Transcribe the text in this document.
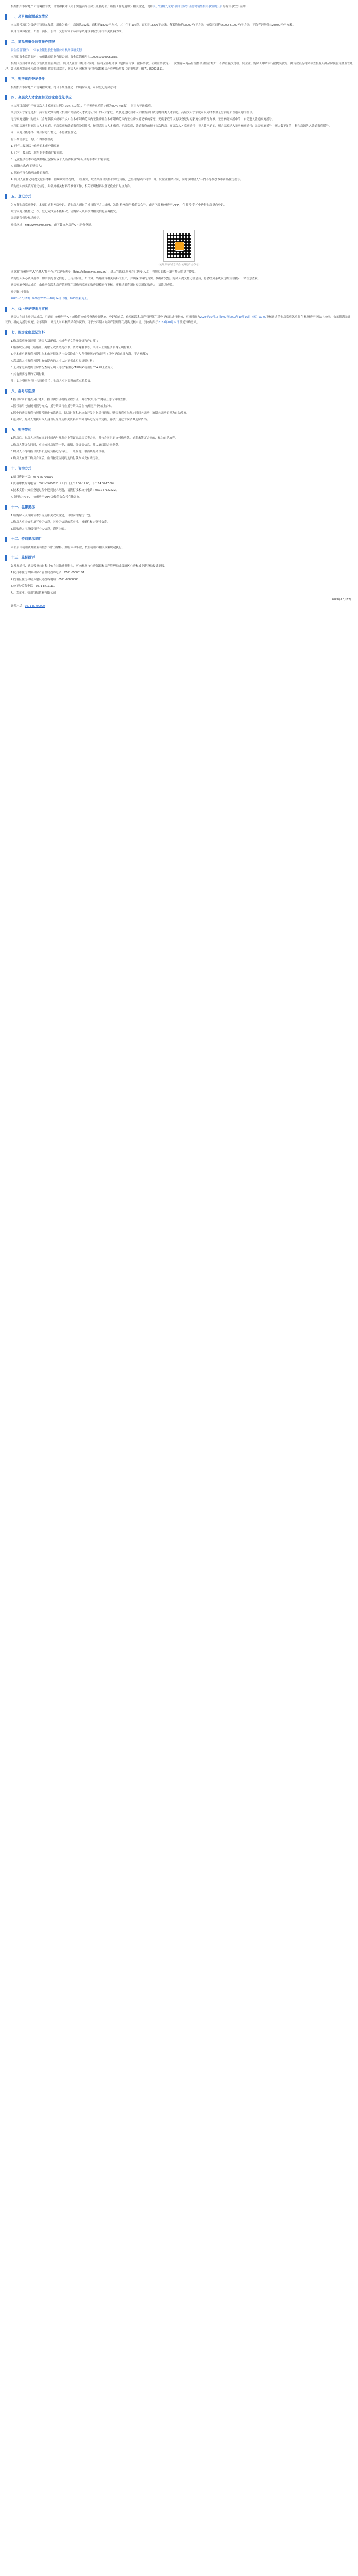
根据杭州市房地产市场调控的统一部署和我市《关于实施商品住房公证摇号公开销售工作的通知》相关规定，现将关于“钱塘九龙苑”项目住房公证摇号销售相关事宜的公告的有关事宜公告如下：

一、项目和房源基本情况

本次摇号项目为钱塘区钱塘九龙苑，用途为住宅，房源共192套，面积约18200平方米，其中住宅192套，面积约18200平方米。备案均价约28000元/平方米，价格区间约26000-31000元/平方米，平均毛坯均价约28000元/平方米。

项目的具体位置、户型、面积、价格、交付时间和标准等以建设单位公布的相关资料为准。

二、商品房资金监管账户情况

资金监管银行：中国农业银行股份有限公司杭州钱塘支行

本项目资金监管账户：杭州钱塘置业有限公司，资金监管账号为19020101040059887。

根据《杭州市商品房预售资金监管办法》，购房人在签订购房合同时，应将全部购房款（包括首付款、按揭贷款、公积金贷款等）一次性存入商品房预售资金监管账户，不得直接交付给开发企业。购房人申请银行按揭贷款的，由贷款银行将贷款直接存入商品房预售资金监管账户。如出现开发企业未经许可擅自收取购房款的，购房人可向杭州市住房保障和房产管理局举报（举报电话：0571-85000151）。

三、购房意向登记条件

根据杭州市房地产市场调控政策，符合下列条件之一的购房家庭，可以登记购房意向：

四、高层次人才家庭和无房家庭优先供应

本次项目房源用于高层次人才家庭的比例为10%（19套），用于无房家庭的比例为50%（96套），其余为普通家庭。

高层次人才家庭是指：持有有效期内的《杭州市高层次人才认定证书》的人才家庭，以及通过杭州市人才服务部门认定的各类人才家庭。高层次人才家庭可以同时参加无房家庭和普通家庭的摇号。

无房家庭是指：购房人（含配偶及未成年子女）在本市限购范围内无住房且在本市限购范围内无住房交易记录的家庭。无房家庭的认定以登记时的家庭住房情况为准。无房家庭未摇中的，自动进入普通家庭摇号。

本项目房源实行高层次人才家庭、无房家庭和普通家庭分别摇号，按照高层次人才家庭、无房家庭、普通家庭的顺序依次选房。高层次人才家庭摇号中签人数不足的，剩余房源纳入无房家庭摇号；无房家庭摇号中签人数不足的，剩余房源纳入普通家庭摇号。

同一家庭只能选择一种身份进行登记，不得重复登记。

有下列情形之一的，不得参加摇号：

1. 已有二套及以上住房的本市户籍家庭；

2. 已有一套及以上住房的非本市户籍家庭；

3. 无法提供在本市连续缴纳社会保险或个人所得税满2年证明的非本市户籍家庭；

4. 离婚未满2年的购房人；

5. 其他不符合购房条件的家庭。

A. 购房人在登记时提交虚假材料、隐瞒真实情况的，一经查实，取消其摇号资格和购房资格，已签订购房合同的，由开发企业解除合同，同时该购房人3年内不得参加本市商品住房摇号。

请购房人如实填写登记信息，并做好相关材料的准备工作，相关证明材料以登记截止日时点为准。

五、登记方式

为方便购房家庭登记，本项目实行网络登记。请购房人通过手机扫描下方二维码，关注“杭州房产”微信公众号，或者下载“杭州房产”APP，在“摇号”专栏中进行购房意向登记。

购房家庭只能登记一次，登记完成后不能修改，请购房人认真核对相关信息后再提交。

无需到售楼处现场登记。

登录网址：http://www.tmsf.com/，或下载杭州房产APP进行登记。

（杭州房地产信息平台“杭州房产”公众号）

同意在“杭州房产”APP进入“摇号”专栏后进行登记（http://xj.hangzhou.gov.cn/），进入“钱塘九龙苑”项目登记入口，按照页面提示填写登记信息并提交。

请购房人务必认真仔细、如实填写登记信息，上传身份证、户口簿、结婚证等相关资料的照片，并确保资料的真实、准确和完整。购房人提交登记信息后，将会收到系统发送的短信提示，请注意查收。

购房家庭登记完成后，由住房保障和房产管理部门对购房家庭的购房资格进行审核，审核结果将通过短信通知购房人，请注意查收。

登记起止时间：

2023年10月13日9:00至2023年10月14日（晚）8:00结束为止。

六、线上登记查询与审核

购房人在线上登记完成后，可通过“杭州房产”APP或微信公众号查询登记状态。登记截止后，住房保障和房产管理部门对登记信息进行审核，审核时间为2023年10月15日9:00至2023年10月16日（晚）17:00审核通过的购房家庭名单将在“杭州房产”网站上公示，公示期满无异议的，确定为摇号家庭。公示期间，购房人对审核结果有异议的，可于公示期内向房产管理部门提出复核申请，复核结果于2023年10月17日前通知购房人。

七、购房家庭登记资料

1.购房家庭身份证明（购房人及配偶、未成年子女的身份证和户口簿）；

2.婚姻状况证明（结婚证、离婚证或离婚判决书、离婚调解书等，单身人士须提供单身证明材料）；

3.非本市户籍家庭须提供在本市连续缴纳社会保险或个人所得税满2年的证明（以登记截止日为准，不含补缴）；

4.高层次人才家庭须提供有效期内的人才认定证书或相关证明材料；

5.无房家庭须提供住房情况查询证明（可在“浙里办”APP或“杭州房产”APP上查询）；

6.其他需要提供的证明材料。

注：以上资料均须上传原件照片，购房人应对资料的真实性负责。

八、摇号与选房

1.摇号时间和地点另行通知，摇号由公证机构全程公证，并在“杭州房产”网站上进行网络直播。

2.摇号采用电脑随机摇号方式，摇号结果将在摇号结束后在“杭州房产”网站上公布。

3.摇中的购房家庭按照摇号顺序依次选房，选房时间和地点由开发企业另行通知。购房家庭应在规定时间内选房，逾期未选房的视为自动放弃。

4.选房时，购房人需携带本人身份证原件及相关资料原件到现场进行资格复核，复核不通过的取消其选房资格。

九、购房签约

1.选房后，购房人应当在规定时间内与开发企业签订商品房买卖合同，并按合同约定支付购房款。逾期未签订合同的，视为自动放弃。

2.购房人签订合同时，应当核对房屋的户型、面积、价格等信息，并认真阅读合同条款。

3.购房人不得将摇号资格和选房资格进行转让，一经发现，取消其购房资格。

4.购房人在签订购房合同后，应当按照合同约定的付款方式支付购房款。

十、咨询方式

1.项目咨询电话：0571-87799999

2.资格审核咨询电话：0571-85000151（工作日上午9:00-12:00，下午14:00-17:00）

3.技术支持：如在登记过程中遇到技术问题，请拨打技术支持电话：0571-87122222。

4.“浙里办”APP、“杭州房产”APP及微信公众号在线咨询。

十一、温馨提示

1.请购房人认真阅读本公告及相关政策规定，合理安排购房计划。

2.购房人应当如实填写登记信息，对登记信息的真实性、准确性和完整性负责。

3.请购房人注意保管好个人信息，谨防诈骗。

十二、特别提示说明

本公告由杭州钱塘置业有限公司负责解释。如有未尽事宜，按照杭州市相关政策规定执行。

十三、监督投诉

如发现摇号、选房及签约过程中存在违法违规行为，可向杭州市住房保障和房产管理局或钱塘区住房和城乡建设局投诉举报。

1.杭州市住房保障和房产管理局投诉电话：0571-85000151

2.钱塘区住房和城乡建设局投诉电话：0571-86888888

3.公证处监督电话：0571-87111111

4.开发企业：杭州钱塘置业有限公司

2023年10月12日

联系电话：0571-87799999
